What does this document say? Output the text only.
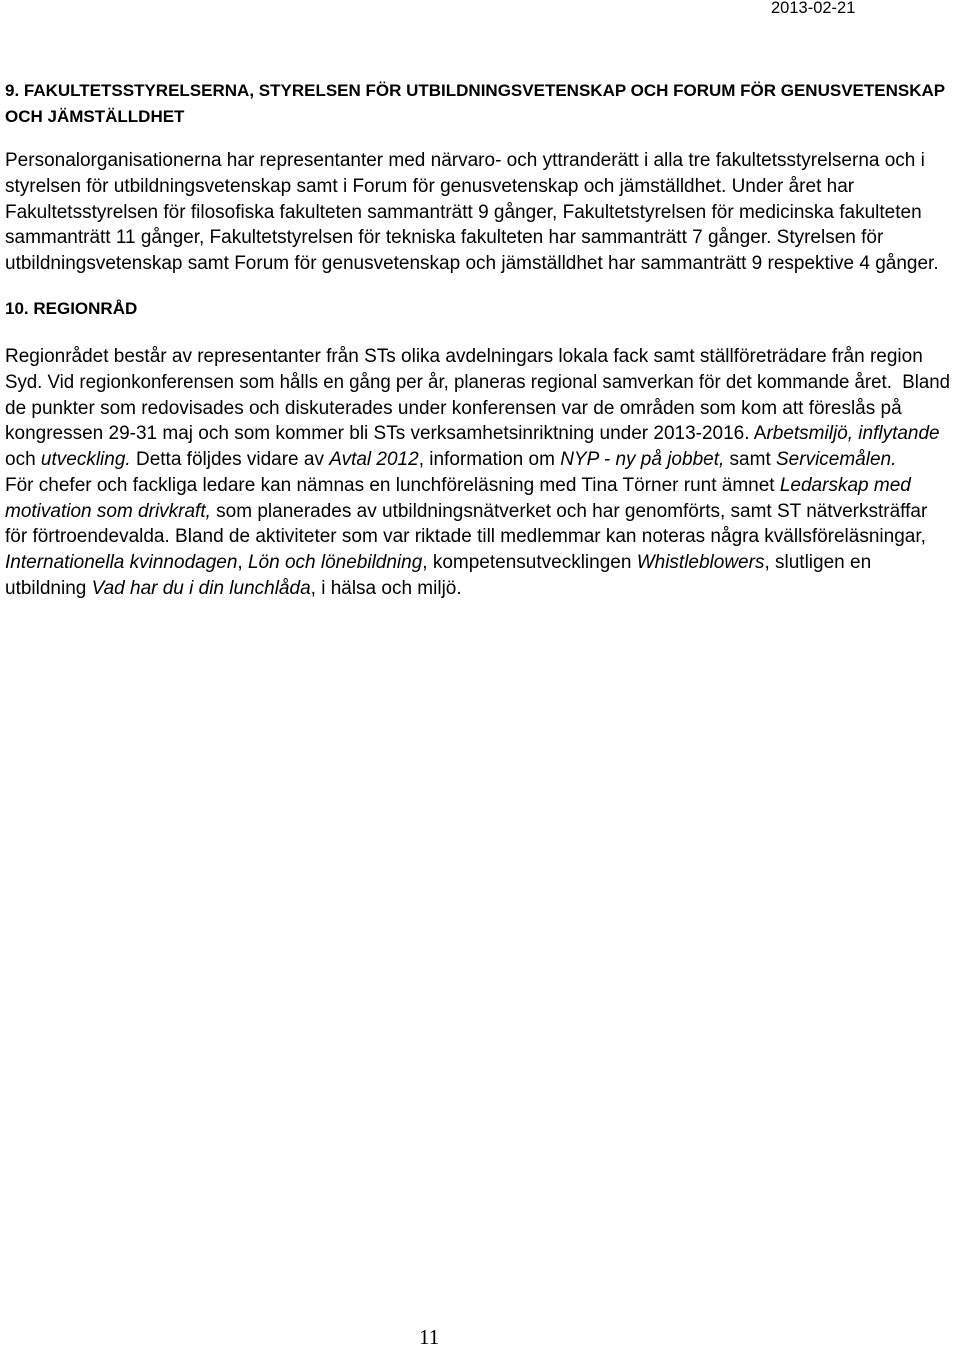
2013-02-21
9. FAKULTETSSTYRELSERNA, STYRELSEN FÖR UTBILDNINGSVETENSKAP OCH FORUM FÖR GENUSVETENSKAP
OCH JÄMSTÄLLDHET
Personalorganisationerna har representanter med närvaro- och yttranderätt i alla tre fakultetsstyrelserna och i
styrelsen för utbildningsvetenskap samt i Forum för genusvetenskap och jämställdhet. Under året har
Fakultetsstyrelsen för filosofiska fakulteten sammanträtt 9 gånger, Fakultetstyrelsen för medicinska fakulteten
sammanträtt 11 gånger, Fakultetstyrelsen för tekniska fakulteten har sammanträtt 7 gånger. Styrelsen för
utbildningsvetenskap samt Forum för genusvetenskap och jämställdhet har sammanträtt 9 respektive 4 gånger.
10. REGIONRÅD
Regionrådet består av representanter från STs olika avdelningars lokala fack samt ställföreträdare från region
Syd. Vid regionkonferensen som hålls en gång per år, planeras regional samverkan för det kommande året.  Bland
de punkter som redovisades och diskuterades under konferensen var de områden som kom att föreslås på
kongressen 29-31 maj och som kommer bli STs verksamhetsinriktning under 2013-2016. Arbetsmiljö, inflytande
och utveckling. Detta följdes vidare av Avtal 2012, information om NYP - ny på jobbet, samt Servicemålen.
För chefer och fackliga ledare kan nämnas en lunchföreläsning med Tina Törner runt ämnet Ledarskap med
motivation som drivkraft, som planerades av utbildningsnätverket och har genomförts, samt ST nätverksträffar
för förtroendevalda. Bland de aktiviteter som var riktade till medlemmar kan noteras några kvällsföreläsningar,
Internationella kvinnodagen, Lön och lönebildning, kompetensutvecklingen Whistleblowers, slutligen en
utbildning Vad har du i din lunchlåda, i hälsa och miljö.
11
